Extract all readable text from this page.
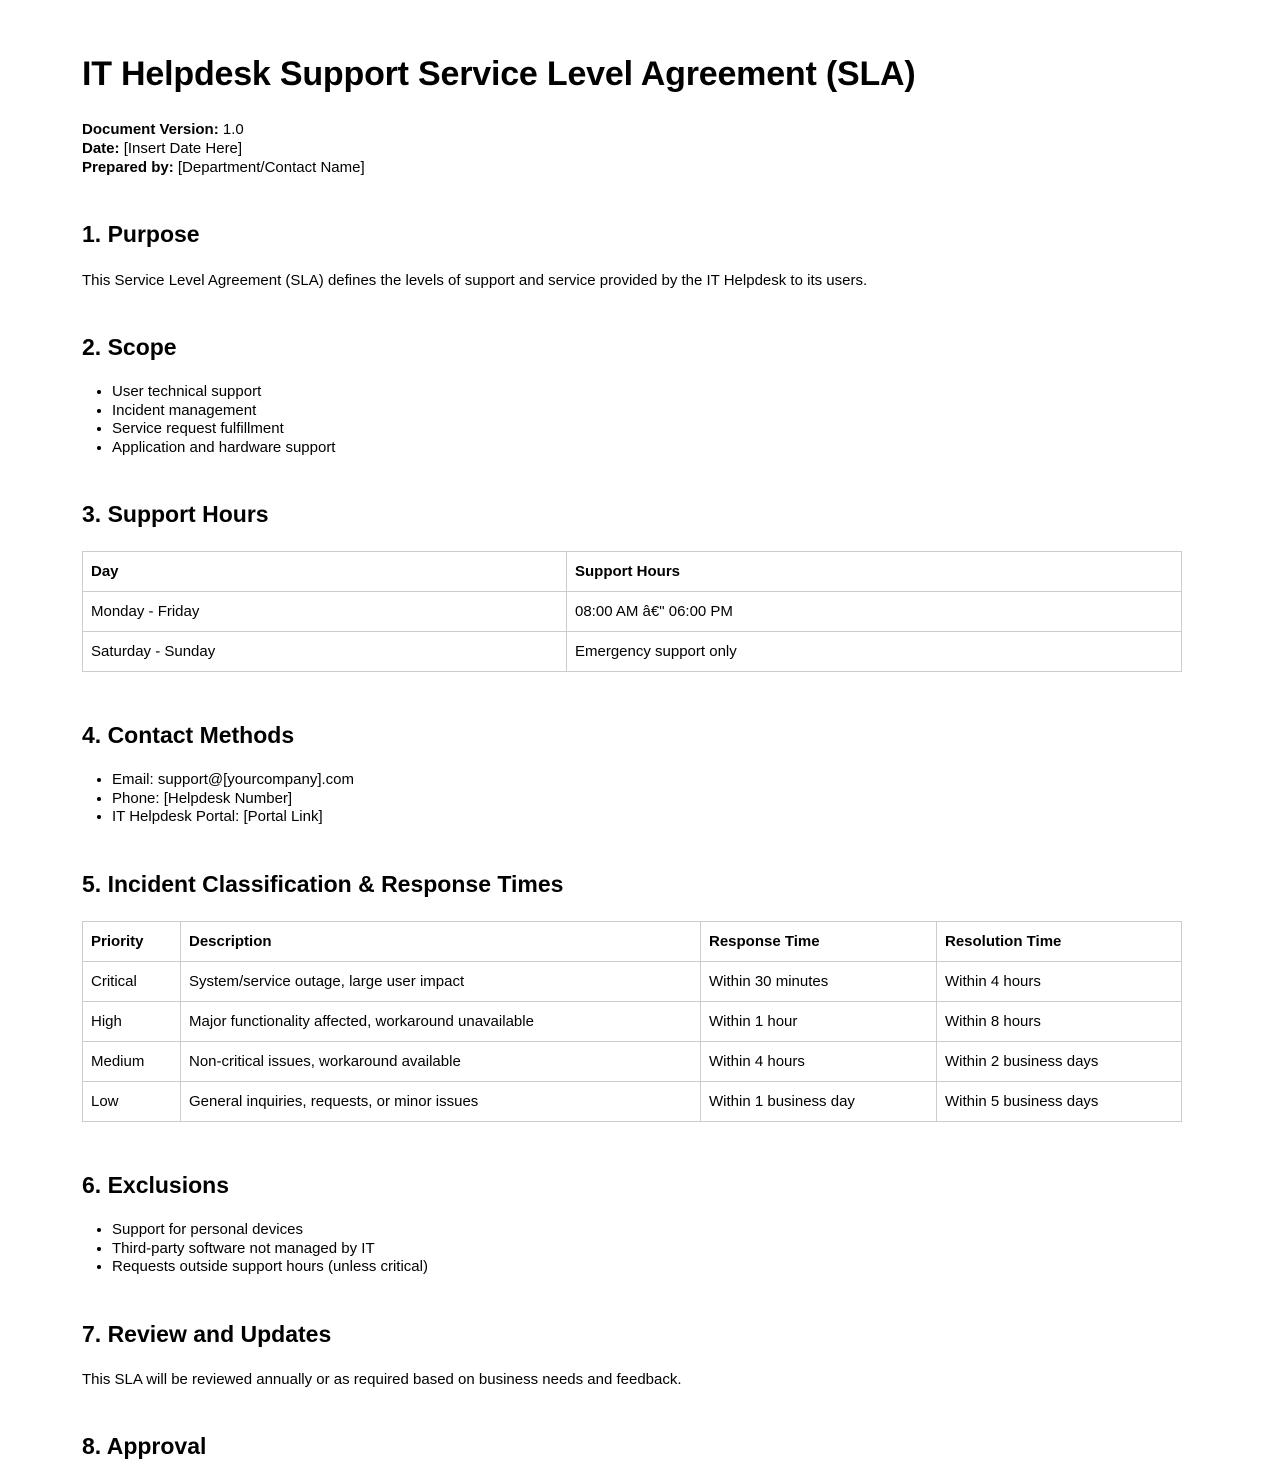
IT Helpdesk Support Service Level Agreement (SLA)
Document Version: 1.0
Date: [Insert Date Here]
Prepared by: [Department/Contact Name]
1. Purpose

This Service Level Agreement (SLA) defines the levels of support and service provided by the IT Helpdesk to its users.

2. Scope
• User technical support
• Incident management
• Service request fulfillment
• Application and hardware support
3. Support Hours
Day	Support Hours
Monday - Friday	08:00 AM â€" 06:00 PM
Saturday - Sunday	Emergency support only
4. Contact Methods
• Email: support@[yourcompany].com
• Phone: [Helpdesk Number]
• IT Helpdesk Portal: [Portal Link]
5. Incident Classification & Response Times
Priority	Description	Response Time	Resolution Time
Critical	System/service outage, large user impact	Within 30 minutes	Within 4 hours
High	Major functionality affected, workaround unavailable	Within 1 hour	Within 8 hours
Medium	Non-critical issues, workaround available	Within 4 hours	Within 2 business days
Low	General inquiries, requests, or minor issues	Within 1 business day	Within 5 business days
6. Exclusions
• Support for personal devices
• Third-party software not managed by IT
• Requests outside support hours (unless critical)
7. Review and Updates

This SLA will be reviewed annually or as required based on business needs and feedback.

8. Approval
